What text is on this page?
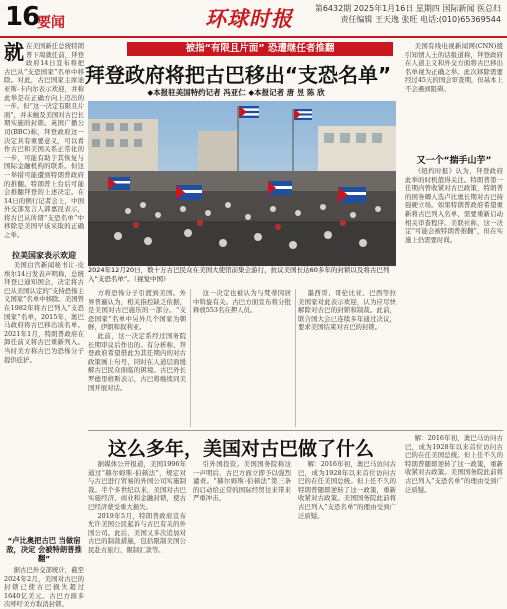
16
要闻	环球时报	第6432期 2025年1月16日 星期四 国际新闻 医总归
责任编辑 王天逸 张旺 电话:(010)65369544
就 在美国新任总统特朗普下周就任前，拜登政府14日宣布将把古巴从“支恐国家”名单中移除。对此，古巴国家主席迪亚斯-卡内尔表示欢迎，并称此举是在正确方向上迈出的一步。但“这一决定有限且片面”，并未触及美国对古巴长期实施的封锁。英国广播公司(BBC)称，拜登政府这一决定具有重要意义，可以看作古巴和美国关系正常化的一步，可能有助于其恢复与国际金融机构的联系。但这一举措可能遭到特朗普政府的推翻。特朗普上台后可能会推翻拜登的上述决定。在14日的例行记者会上，中国外交部发言人郭嘉昆表示，将古巴从所谓“支恐名单”中移除是美国早该采取的正确之举。

拉美国家表示欢迎

美国白宫新闻秘书让-皮埃尔14日发表声明称，总统拜登已通知国会，决定将古巴从美国认定的“支持恐怖主义国家”名单中移除。美国曾在1982年将古巴列入“支恐国家”名单，2015年，奥巴马政府将古巴移出该名单。2021年1月，特朗普政府在卸任前又将古巴重新列入。当时美方称古巴为恐怖分子提供庇护。

被指“有限且片面” 恐遭继任者推翻
拜登政府将把古巴移出“支恐名单”
◆本报驻美国特约记者 冯亚仁 ◆本报记者 唐 昱 陈 欣
2024年12月20日，数十万古巴民众在美国大使馆前集会游行，抗议美国长达60多年的封锁以及将古巴列入“支恐名单”。（视觉中国）

方将恐怖分子引渡到美国。外界普遍认为，相关指控缺乏依据，是美国对古巴施压的一部分。“支恐国家”名单中另外几个国家为朝鲜、伊朗和叙利亚。

此前，这一决定系经过国务院长期审议后作出的。有分析称，拜登政府希望借此为其任期内的对古政策画上句号，同时在人道层面缓解古巴民众面临的困境。古巴外长罗德里格斯表示，古巴将继续同美国开展对话。

这一决定也被认为与梵蒂冈居中斡旋有关。古巴方面宣布将分批释放553名在押人员。

墨西哥、哥伦比亚、巴西等拉美国家对此表示欢迎，认为应尽快解除对古巴的封锁和制裁。此前，联合国大会已连续多年通过决议，要求美国结束对古巴的封锁。

美国有线电视新闻网(CNN)援引知情人士的话报道称，拜登政府在人道主义和外交方面将古巴移出名单视为正确之举。此次移除需要经过45天的国会审查期，但基本上不会遇到阻碍。

又一个“揣手山芋”

《纽约时报》认为，拜登政府此举的时机值得关注。特朗普第一任期内曾收紧对古巴政策，特朗普的国务卿人选卢比奥长期对古巴持强硬立场。如果特朗普政府希望重新将古巴列入名单，需要重新启动相关审查程序。美联社称，这一决定“可能会被特朗普推翻”，但在实施上仍需要时间。

这么多年，美国对古巴做了什么

据媒体公开报道，美国1996年通过“赫尔姆斯-伯顿法”，规定对与古巴进行贸易的外国公司实施制裁。半个多世纪以来，美国对古巴实施经济、商业和金融封锁，使古巴经济蒙受重大损失。

2019年5月，特朗普政府宣布允许美国公民起诉与古巴有关的外国公司。此后，美国又多次追加对古巴的制裁措施，包括限制美国公民赴古旅行、限制汇款等。

引外国投资。美国国务院称这一声明后，古巴方面立即予以强烈谴责。“赫尔姆斯-伯顿法”第三条的启动给正常的国际经贸往来带来严重冲击。

解：2016年初，奥巴马访问古巴，成为1928年以来首位访问古巴的在任美国总统。但上任不久的特朗普随即逆转了这一政策，重新收紧对古政策。美国国务院此前将古巴列入“支恐名单”的理由受到广泛质疑。

解：2016年初，奥巴马访问古巴，成为1928年以来首位访问古巴的在任美国总统。但上任不久的特朗普随即逆转了这一政策，重新收紧对古政策。美国国务院此前将古巴列入“支恐名单”的理由受到广泛质疑。

“卢比奥把古巴 当做宿敌，决定 会被特朗普推翻”

据古巴外交部统计，截至2024年2月，美国对古巴的封锁已使古巴损失超过1640亿美元。古巴方面多次呼吁美方取消封锁。
